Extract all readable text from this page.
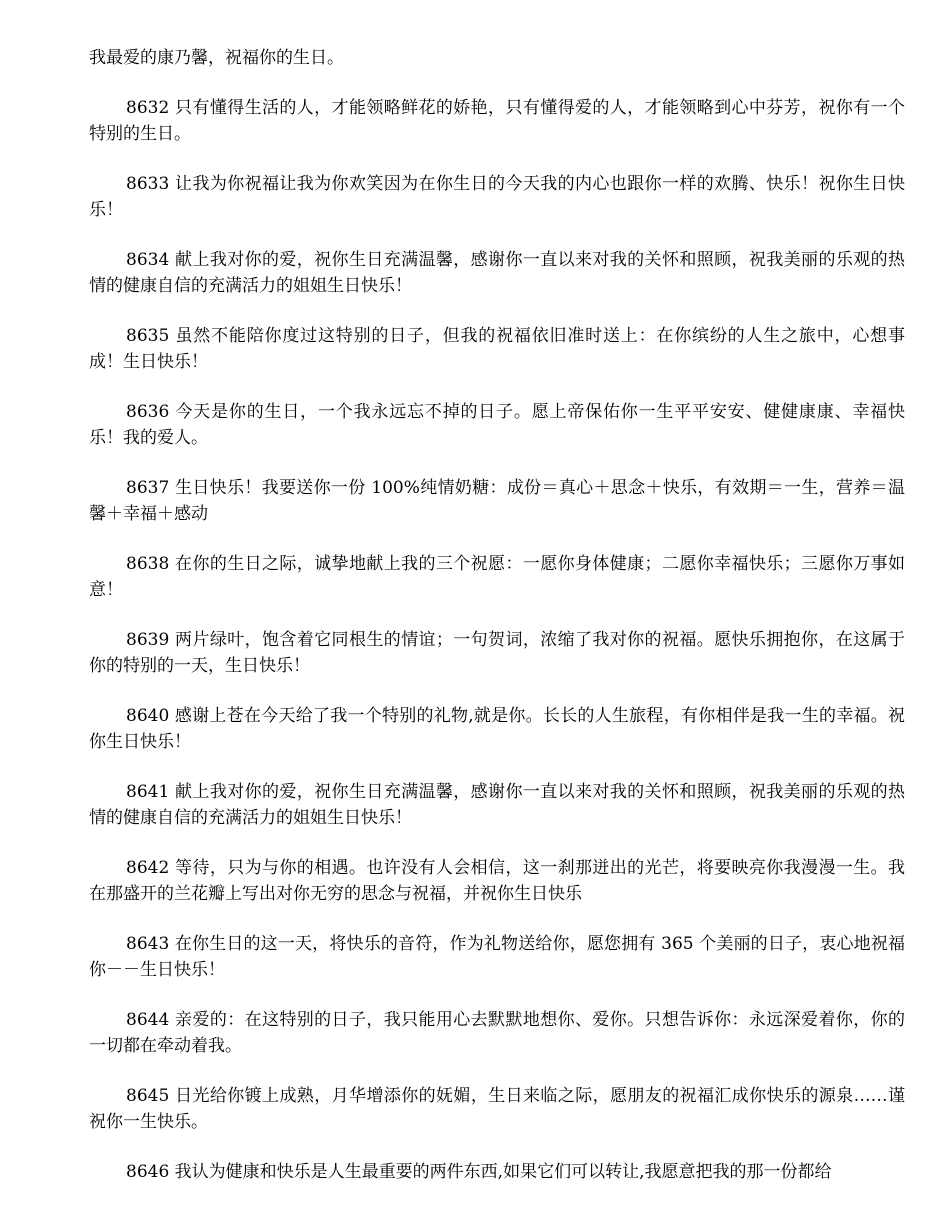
我最爱的康乃馨，祝福你的生日。

8632 只有懂得生活的人，才能领略鲜花的娇艳，只有懂得爱的人，才能领略到心中芬芳，祝你有一个特别的生日。

8633 让我为你祝福让我为你欢笑因为在你生日的今天我的内心也跟你一样的欢腾、快乐！祝你生日快乐！

8634 献上我对你的爱，祝你生日充满温馨，感谢你一直以来对我的关怀和照顾，祝我美丽的乐观的热情的健康自信的充满活力的姐姐生日快乐！

8635 虽然不能陪你度过这特别的日子，但我的祝福依旧准时送上：在你缤纷的人生之旅中，心想事成！生日快乐！

8636 今天是你的生日，一个我永远忘不掉的日子。愿上帝保佑你一生平平安安、健健康康、幸福快乐！我的爱人。

8637 生日快乐！我要送你一份 100%纯情奶糖：成份＝真心＋思念＋快乐，有效期＝一生，营养＝温馨＋幸福＋感动

8638 在你的生日之际，诚挚地献上我的三个祝愿：一愿你身体健康；二愿你幸福快乐；三愿你万事如意！

8639 两片绿叶，饱含着它同根生的情谊；一句贺词，浓缩了我对你的祝福。愿快乐拥抱你，在这属于你的特别的一天，生日快乐！

8640 感谢上苍在今天给了我一个特别的礼物,就是你。长长的人生旅程，有你相伴是我一生的幸福。祝你生日快乐！

8641 献上我对你的爱，祝你生日充满温馨，感谢你一直以来对我的关怀和照顾，祝我美丽的乐观的热情的健康自信的充满活力的姐姐生日快乐！

8642 等待，只为与你的相遇。也许没有人会相信，这一刹那迸出的光芒，将要映亮你我漫漫一生。我在那盛开的兰花瓣上写出对你无穷的思念与祝福，并祝你生日快乐

8643 在你生日的这一天，将快乐的音符，作为礼物送给你，愿您拥有 365 个美丽的日子，衷心地祝福你－－生日快乐！

8644 亲爱的：在这特别的日子，我只能用心去默默地想你、爱你。只想告诉你：永远深爱着你，你的一切都在牵动着我。

8645 日光给你镀上成熟，月华增添你的妩媚，生日来临之际，愿朋友的祝福汇成你快乐的源泉……谨祝你一生快乐。

8646 我认为健康和快乐是人生最重要的两件东西,如果它们可以转让,我愿意把我的那一份都给
